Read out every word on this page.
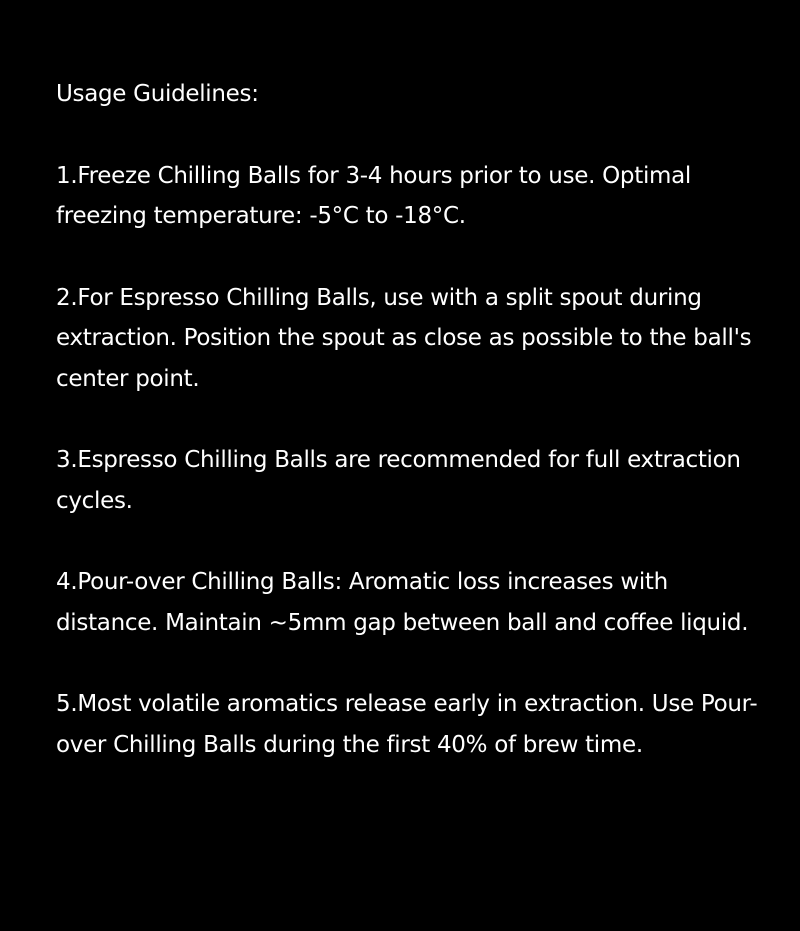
Usage Guidelines:
1.Freeze Chilling Balls for 3-4 hours prior to use. Optimal freezing temperature: -5°C to -18°C.
2.For Espresso Chilling Balls, use with a split spout during extraction. Position the spout as close as possible to the ball's center point.
3.Espresso Chilling Balls are recommended for full extraction cycles.
4.Pour-over Chilling Balls: Aromatic loss increases with distance. Maintain ~5mm gap between ball and coffee liquid.
5.Most volatile aromatics release early in extraction. Use Pour-over Chilling Balls during the first 40% of brew time.
